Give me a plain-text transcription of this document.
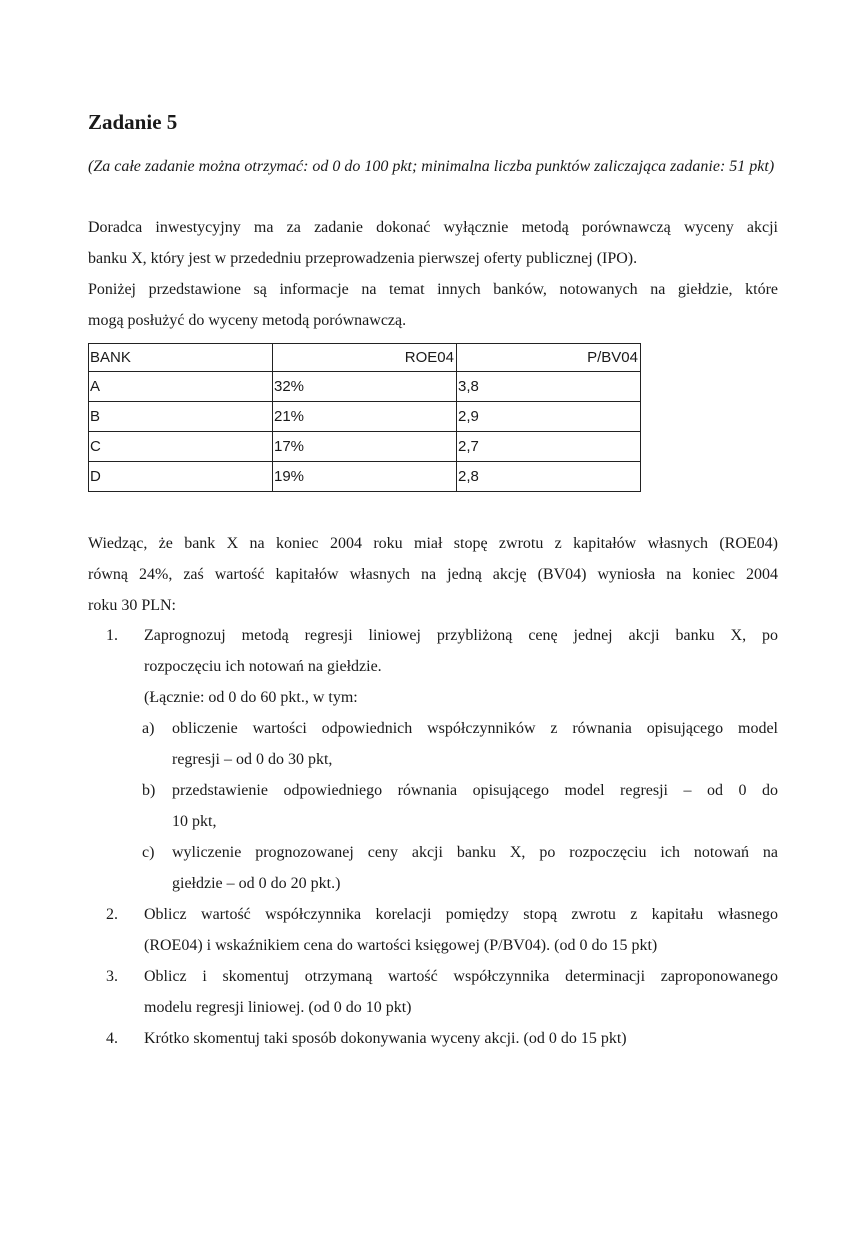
Zadanie 5
(Za całe zadanie można otrzymać: od 0 do 100 pkt; minimalna liczba punktów zaliczająca zadanie: 51 pkt)
Doradca inwestycyjny ma za zadanie dokonać wyłącznie metodą porównawczą wyceny akcji
banku X, który jest w przededniu przeprowadzenia pierwszej oferty publicznej (IPO).
Poniżej przedstawione są informacje na temat innych banków, notowanych na giełdzie, które
mogą posłużyć do wyceny metodą porównawczą.
BANK	ROE04	P/BV04
A	32%	3,8
B	21%	2,9
C	17%	2,7
D	19%	2,8
Wiedząc, że bank X na koniec 2004 roku miał stopę zwrotu z kapitałów własnych (ROE04)
równą 24%, zaś wartość kapitałów własnych na jedną akcję (BV04) wyniosła na koniec 2004
roku 30 PLN:
1. Zaprognozuj metodą regresji liniowej przybliżoną cenę jednej akcji banku X, po
rozpoczęciu ich notowań na giełdzie.
(Łącznie: od 0 do 60 pkt., w tym:
a)	obliczenie wartości odpowiednich współczynników z równania opisującego model
regresji – od 0 do 30 pkt,
b)	przedstawienie odpowiedniego równania opisującego model regresji – od 0 do
10 pkt,
c)	wyliczenie prognozowanej ceny akcji banku X, po rozpoczęciu ich notowań na
giełdzie – od 0 do 20 pkt.)
2. Oblicz wartość współczynnika korelacji pomiędzy stopą zwrotu z kapitału własnego
(ROE04) i wskaźnikiem cena do wartości księgowej (P/BV04). (od 0 do 15 pkt)
3. Oblicz i skomentuj otrzymaną wartość współczynnika determinacji zaproponowanego
modelu regresji liniowej. (od 0 do 10 pkt)
4. Krótko skomentuj taki sposób dokonywania wyceny akcji. (od 0 do 15 pkt)
